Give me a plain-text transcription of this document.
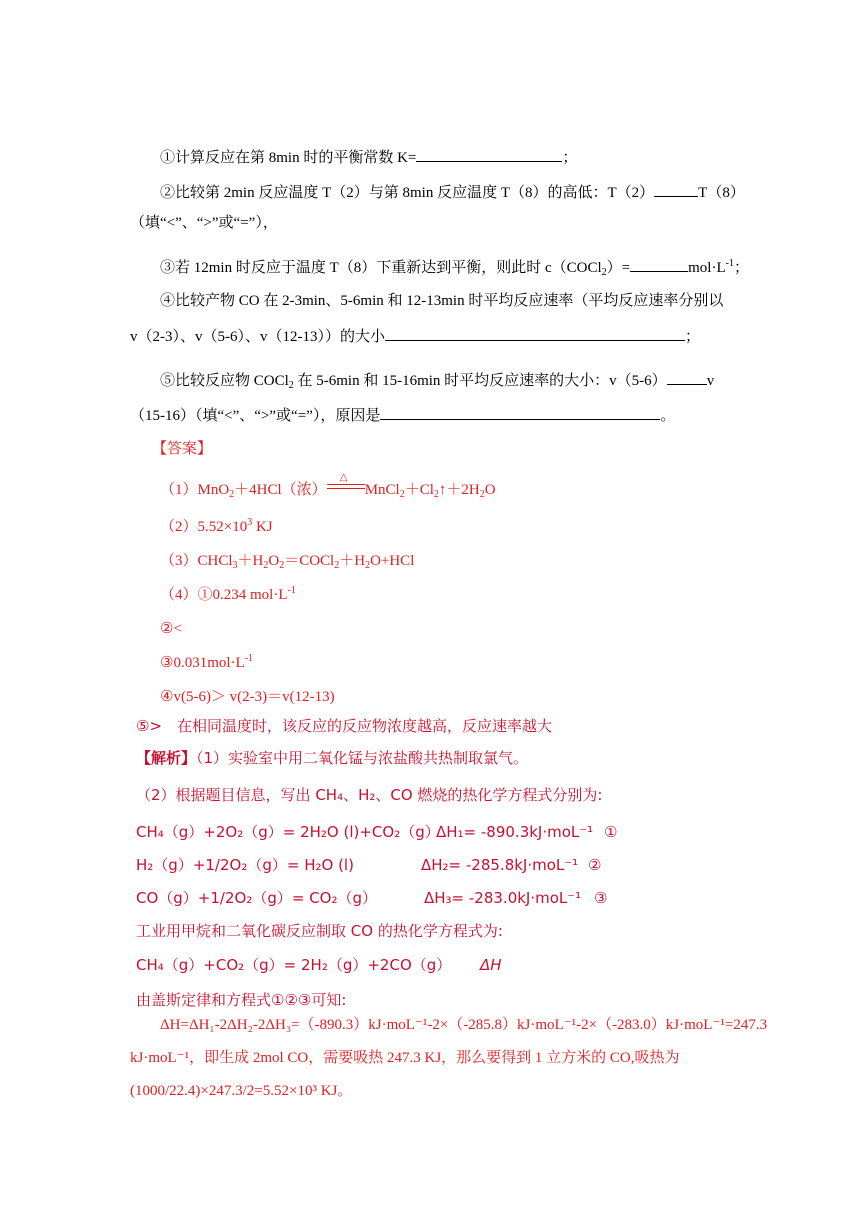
①计算反应在第 8min 时的平衡常数 K=	；
②比较第 2min 反应温度 T（2）与第 8min 反应温度 T（8）的高低：T（2）	T（8）
（填“<”、“>”或“=”），
③若 12min 时反应于温度 T（8）下重新达到平衡，则此时 c（COCl$_2$）=	$mol\cdot L^{-1}$；
④比较产物 CO 在 2-3min、5-6min 和 12-13min 时平均反应速率（平均反应速率分别以
v（2-3）、v（5-6）、v（12-13））的大小	；
⑤比较反应物 COCl$_2$ 在 5-6min 和 15-16min 时平均反应速率的大小：v（5-6）	v
（15-16）（填“<”、“>”或“=”），原因是	。
【答案】
（1）MnO$_2$＋4HCl（浓）
△
$MnCl_2+Cl_2↑+2H_2O$
$(2)5.52\times 10^3$ KJ
$(3)CHCl_3+H_2O_2=COCl_2+H_2O+HCl$
（4）①0.234 $mol\cdot L^{-1}$
②<
$③0.031mol\cdot L^{-1}$
④v(5-6)＞ v(2-3)＝v(12-13)
⑤>　在相同温度时，该反应的反应物浓度越高，反应速率越大
【解析】（1）实验室中用二氧化锰与浓盐酸共热制取氯气。
（2）根据题目信息，写出 CH₄、H₂、CO 燃烧的热化学方程式分别为:
CH₄（g）+2O₂（g）= 2H₂O (l)+CO₂（g）
ΔH₁= -890.3kJ·moL⁻¹ ①
H₂（g）+1/2O₂（g）= H₂O (l)	ΔH₂= -285.8kJ·moL⁻¹ ②
CO（g）+1/2O₂（g）= CO₂（g）	ΔH₃= -283.0kJ·moL⁻¹ ③
工业用甲烷和二氧化碳反应制取 CO 的热化学方程式为:
CH₄（g）+CO₂（g）= 2H₂（g）+2CO（g） ΔH
由盖斯定律和方程式①②③可知:
ΔH=ΔH₁-2ΔH₂-2ΔH₃=（-890.3）kJ·moL⁻¹-2×（-285.8）kJ·moL⁻¹-2×（-283.0）kJ·moL⁻¹=247.3
kJ·moL⁻¹，即生成 2mol CO，需要吸热 247.3 KJ，那么要得到 1 立方米的 CO,吸热为
(1000/22.4)×247.3/2=5.52×10³ KJ。
